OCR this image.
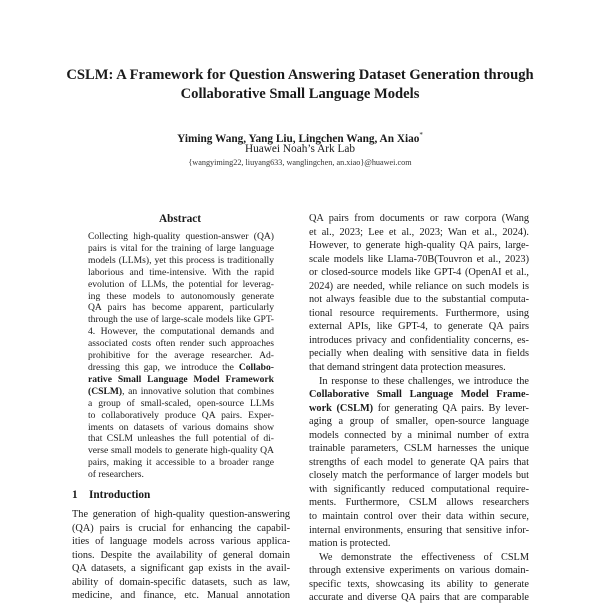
CSLM: A Framework for Question Answering Dataset Generation through
Collaborative Small Language Models
Yiming Wang, Yang Liu, Lingchen Wang, An Xiao*
Huawei Noah’s Ark Lab
{wangyiming22, liuyang633, wanglingchen, an.xiao}@huawei.com
Abstract
Collecting high-quality question-answer (QA)
pairs is vital for the training of large language
models (LLMs), yet this process is traditionally
laborious and time-intensive. With the rapid
evolution of LLMs, the potential for leverag-
ing these models to autonomously generate
QA pairs has become apparent, particularly
through the use of large-scale models like GPT-
4. However, the computational demands and
associated costs often render such approaches
prohibitive for the average researcher. Ad-
dressing this gap, we introduce the Collabo-
rative Small Language Model Framework
(CSLM), an innovative solution that combines
a group of small-scaled, open-source LLMs
to collaboratively produce QA pairs. Exper-
iments on datasets of various domains show
that CSLM unleashes the full potential of di-
verse small models to generate high-quality QA
pairs, making it accessible to a broader range
of researchers.
1 Introduction
The generation of high-quality question-answering
(QA) pairs is crucial for enhancing the capabil-
ities of language models across various applica-
tions. Despite the availability of general domain
QA datasets, a significant gap exists in the avail-
ability of domain-specific datasets, such as law,
medicine, and finance, etc. Manual annotation

QA pairs from documents or raw corpora (Wang
et al., 2023; Lee et al., 2023; Wan et al., 2024).
However, to generate high-quality QA pairs, large-
scale models like Llama-70B(Touvron et al., 2023)
or closed-source models like GPT-4 (OpenAI et al.,
2024) are needed, while reliance on such models is
not always feasible due to the substantial computa-
tional resource requirements. Furthermore, using
external APIs, like GPT-4, to generate QA pairs
introduces privacy and confidentiality concerns, es-
pecially when dealing with sensitive data in fields
that demand stringent data protection measures.

In response to these challenges, we introduce the
Collaborative Small Language Model Frame-
work (CSLM) for generating QA pairs. By lever-
aging a group of smaller, open-source language
models connected by a minimal number of extra
trainable parameters, CSLM harnesses the unique
strengths of each model to generate QA pairs that
closely match the performance of larger models but
with significantly reduced computational require-
ments. Furthermore, CSLM allows researchers
to maintain control over their data within secure,
internal environments, ensuring that sensitive infor-
mation is protected.

We demonstrate the effectiveness of CSLM
through extensive experiments on various domain-
specific texts, showcasing its ability to generate
accurate and diverse QA pairs that are comparable
